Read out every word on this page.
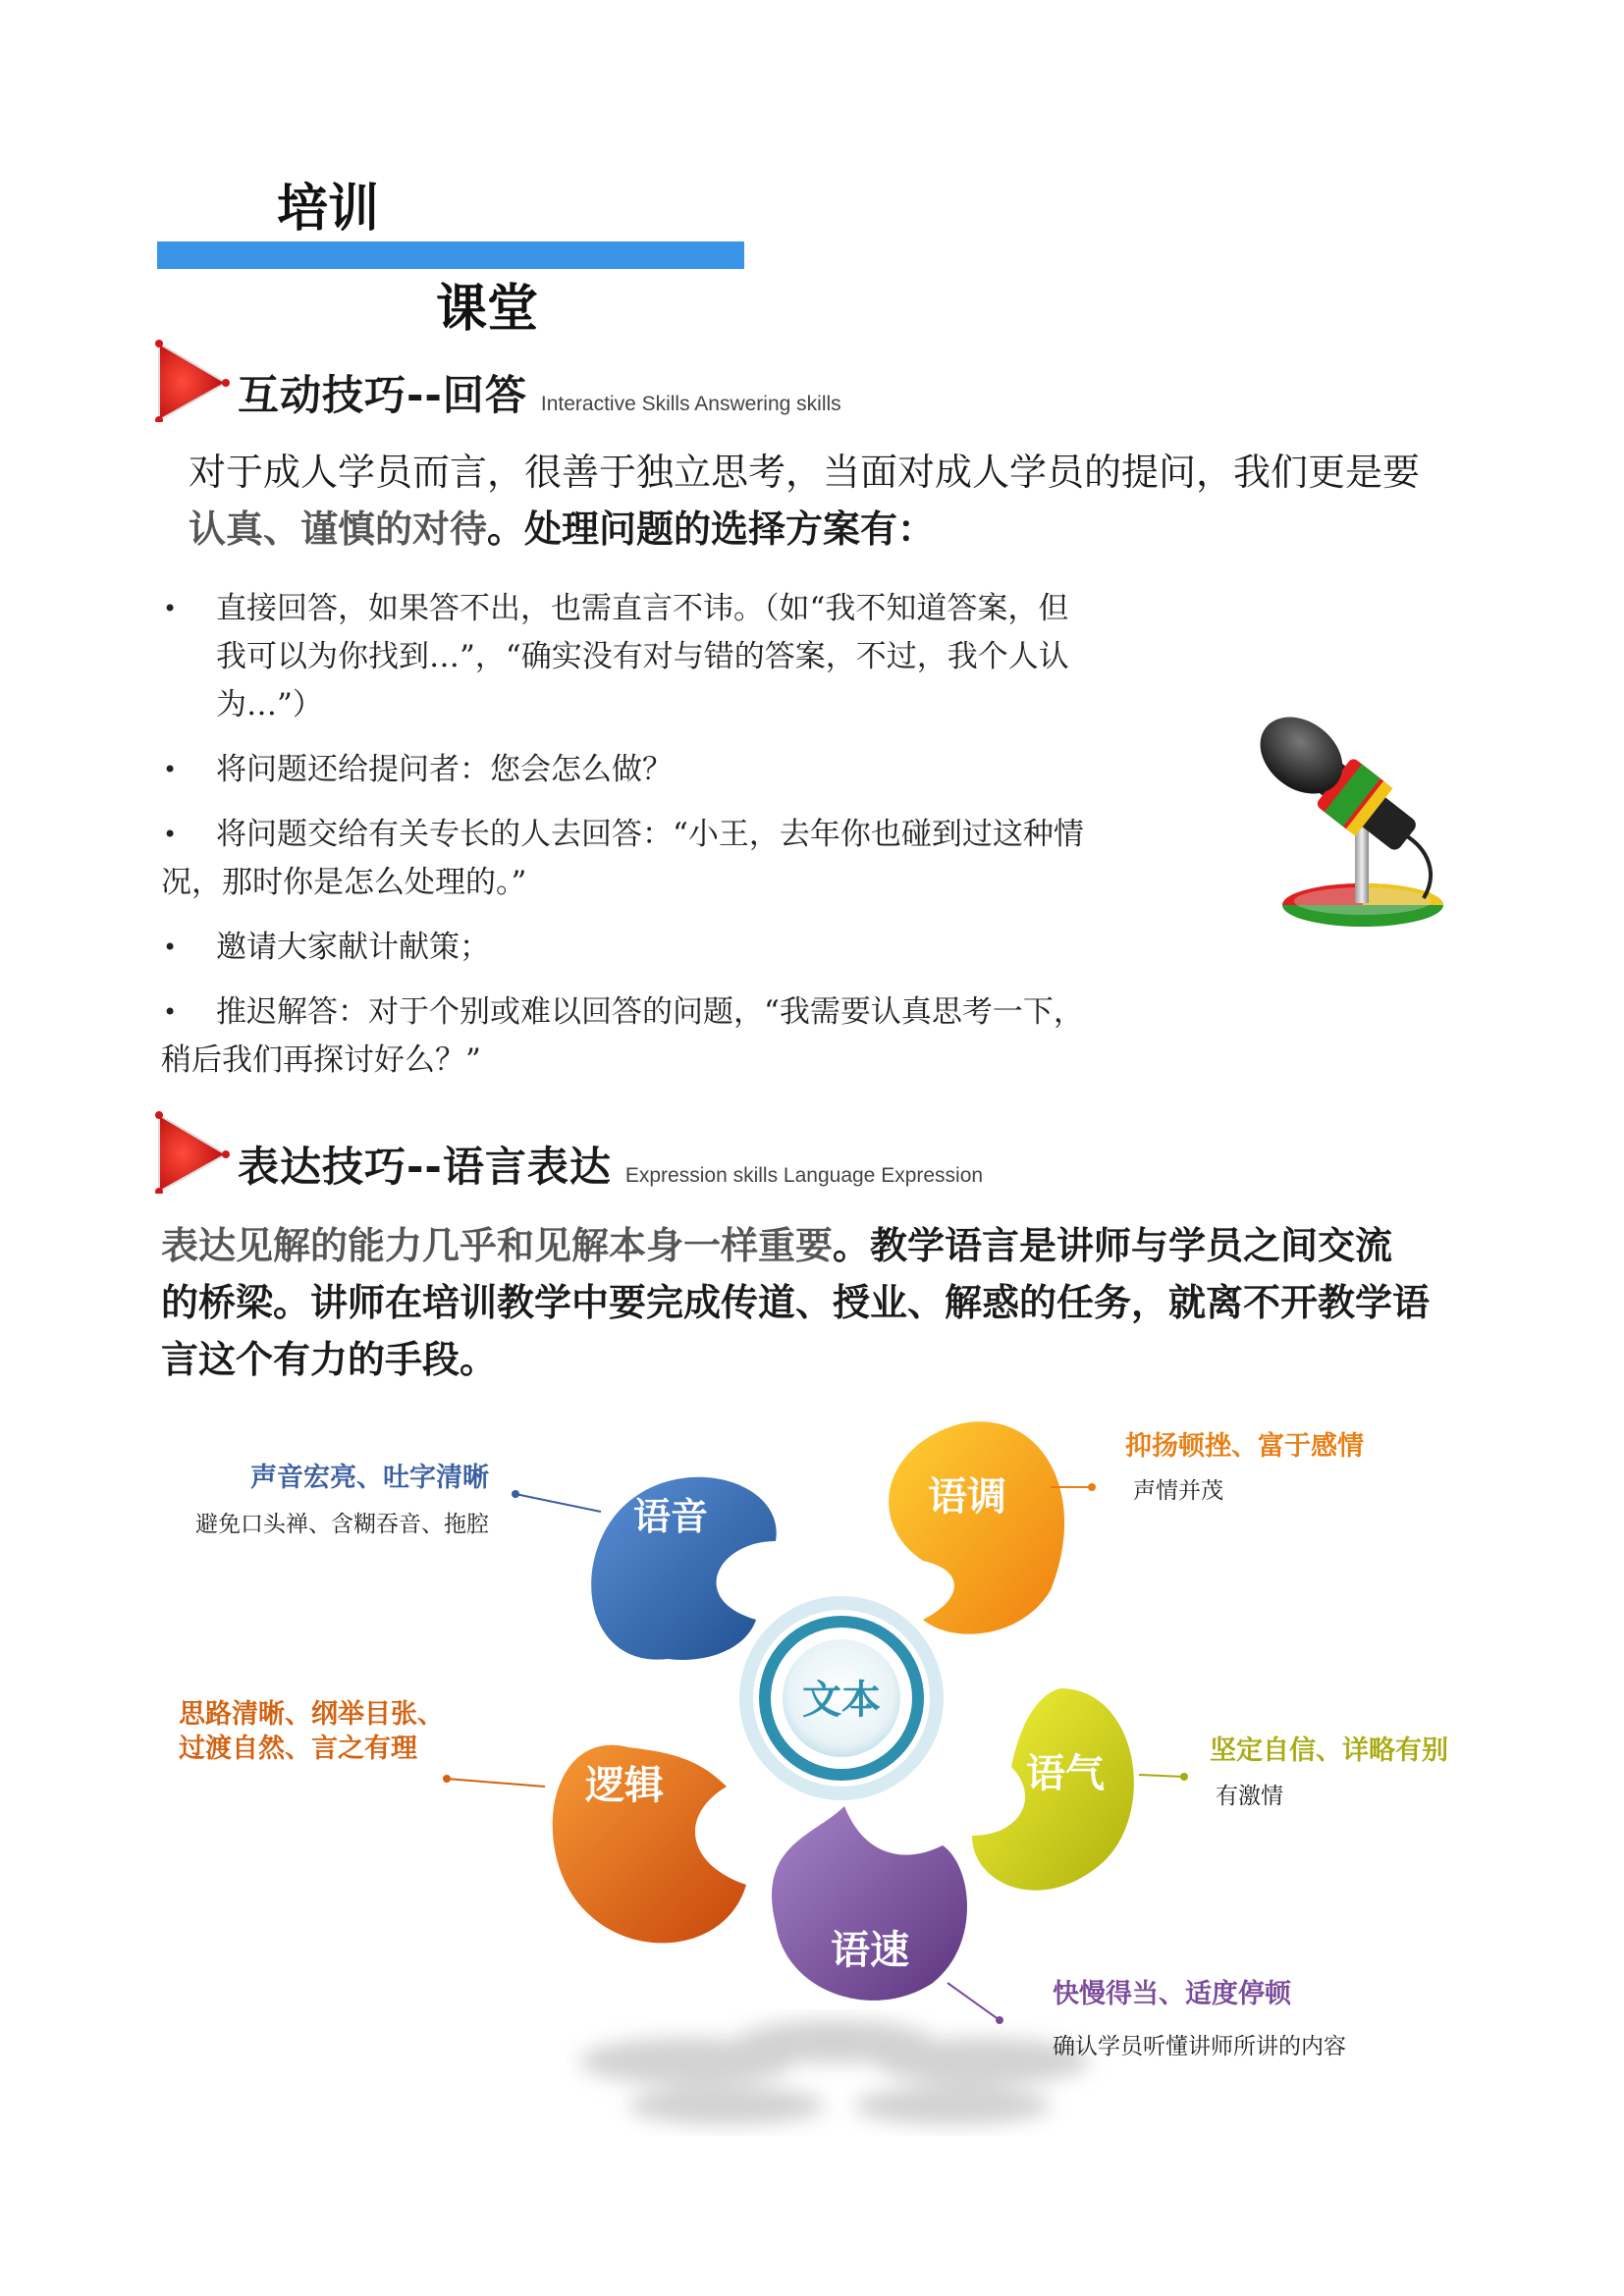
培训
课堂
互动技巧--回答 Interactive Skills Answering skills
对于成人学员而言，很善于独立思考，当面对成人学员的提问，我们更是要
认真、谨慎的对待。处理问题的选择方案有：
• 直接回答，如果答不出，也需直言不讳。（如“我不知道答案，但
我可以为你找到…”，“确实没有对与错的答案，不过，我个人认
为…”）
• 将问题还给提问者：您会怎么做？
• 将问题交给有关专长的人去回答：“小王，去年你也碰到过这种情
况，那时你是怎么处理的。”
• 邀请大家献计献策；
• 推迟解答：对于个别或难以回答的问题，“我需要认真思考一下，
稍后我们再探讨好么？”
表达技巧--语言表达 Expression skills Language Expression
表达见解的能力几乎和见解本身一样重要。教学语言是讲师与学员之间交流
的桥梁。讲师在培训教学中要完成传道、授业、解惑的任务，就离不开教学语
言这个有力的手段。
语音	语调
逻辑	语气
语速
文本
声音宏亮、吐字清晰
避免口头禅、含糊吞音、拖腔
抑扬顿挫、富于感情
声情并茂
思路清晰、纲举目张、
过渡自然、言之有理	坚定自信、详略有别
有激情
快慢得当、适度停顿
确认学员听懂讲师所讲的内容
